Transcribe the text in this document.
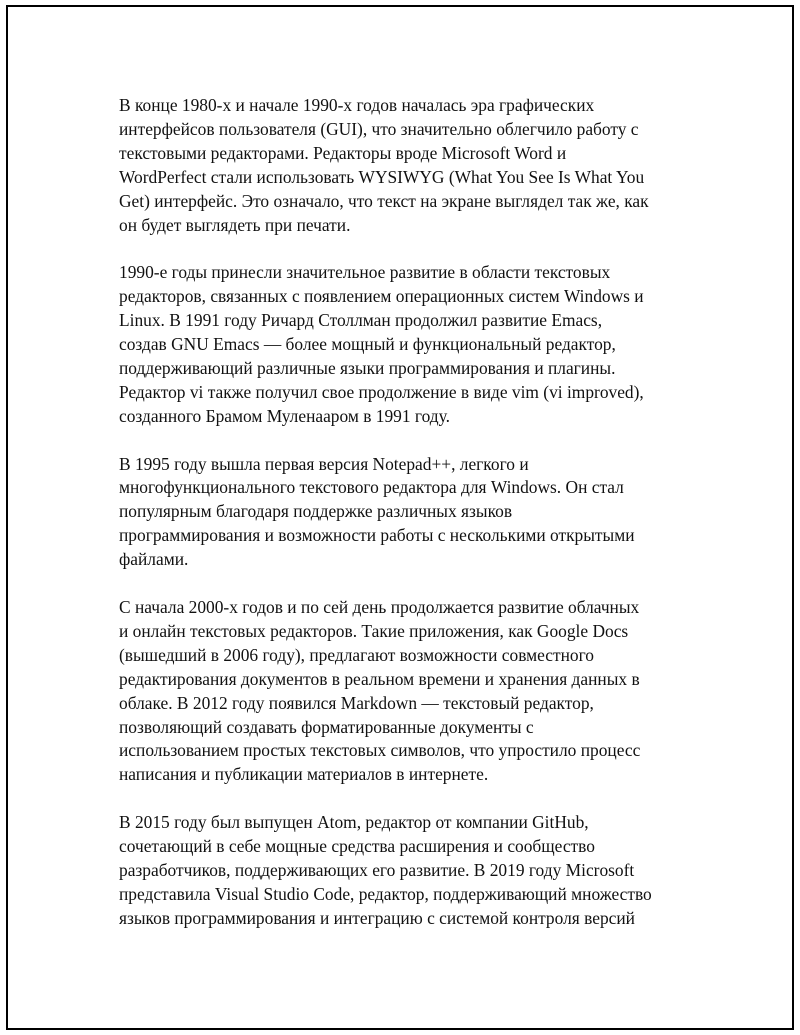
В конце 1980-х и начале 1990-х годов началась эра графических
интерфейсов пользователя (GUI), что значительно облегчило работу с
текстовыми редакторами. Редакторы вроде Microsoft Word и
WordPerfect стали использовать WYSIWYG (What You See Is What You
Get) интерфейс. Это означало, что текст на экране выглядел так же, как
он будет выглядеть при печати.

1990-е годы принесли значительное развитие в области текстовых
редакторов, связанных с появлением операционных систем Windows и
Linux. В 1991 году Ричард Столлман продолжил развитие Emacs,
создав GNU Emacs — более мощный и функциональный редактор,
поддерживающий различные языки программирования и плагины.
Редактор vi также получил свое продолжение в виде vim (vi improved),
созданного Брамом Муленааром в 1991 году.

В 1995 году вышла первая версия Notepad++, легкого и
многофункционального текстового редактора для Windows. Он стал
популярным благодаря поддержке различных языков
программирования и возможности работы с несколькими открытыми
файлами.

С начала 2000-х годов и по сей день продолжается развитие облачных
и онлайн текстовых редакторов. Такие приложения, как Google Docs
(вышедший в 2006 году), предлагают возможности совместного
редактирования документов в реальном времени и хранения данных в
облаке. В 2012 году появился Markdown — текстовый редактор,
позволяющий создавать форматированные документы с
использованием простых текстовых символов, что упростило процесс
написания и публикации материалов в интернете.

В 2015 году был выпущен Atom, редактор от компании GitHub,
сочетающий в себе мощные средства расширения и сообщество
разработчиков, поддерживающих его развитие. В 2019 году Microsoft
представила Visual Studio Code, редактор, поддерживающий множество
языков программирования и интеграцию с системой контроля версий
